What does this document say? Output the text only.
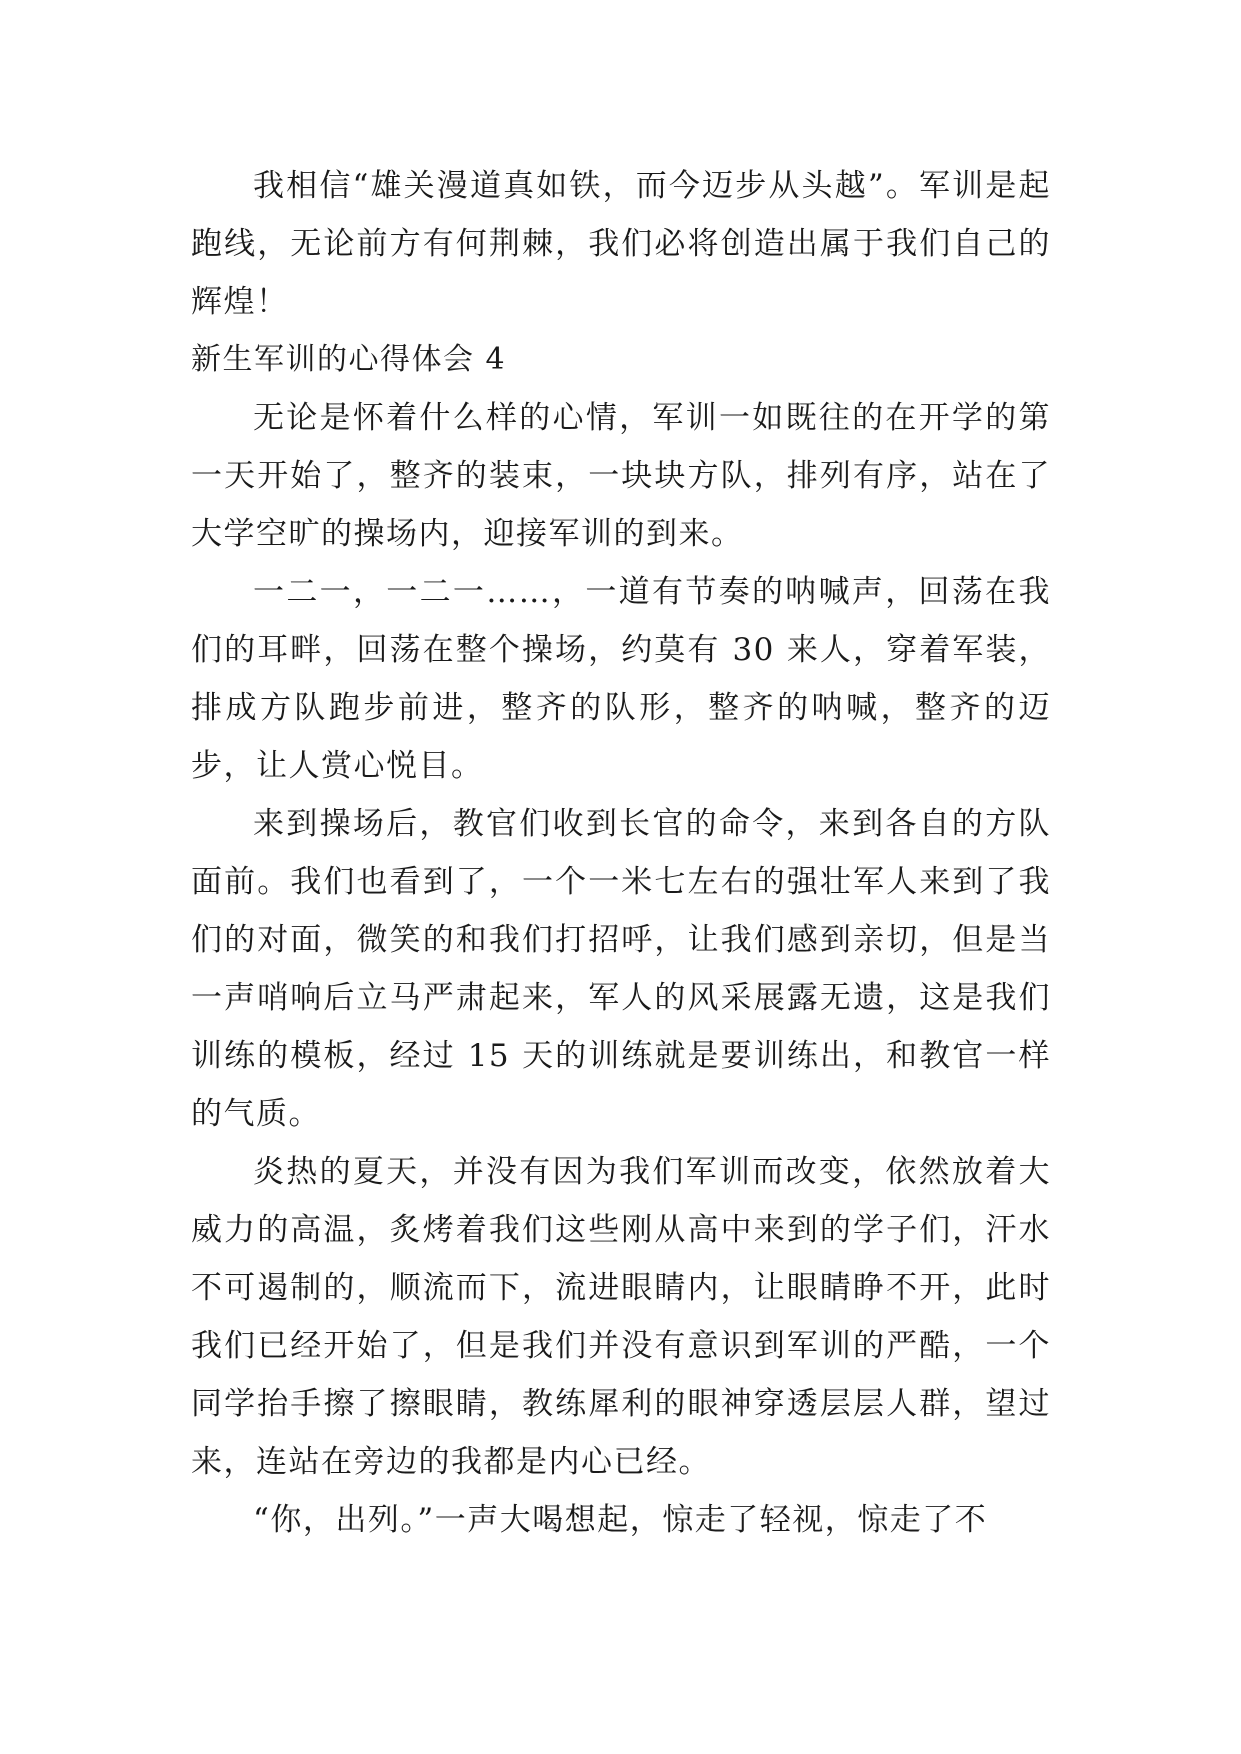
我相信“雄关漫道真如铁，而今迈步从头越”。军训是起跑线，无论前方有何荆棘，我们必将创造出属于我们自己的辉煌！

新生军训的心得体会 4

无论是怀着什么样的心情，军训一如既往的在开学的第一天开始了，整齐的装束，一块块方队，排列有序，站在了大学空旷的操场内，迎接军训的到来。

一二一，一二一……，一道有节奏的呐喊声，回荡在我们的耳畔，回荡在整个操场，约莫有 30 来人，穿着军装，排成方队跑步前进，整齐的队形，整齐的呐喊，整齐的迈步，让人赏心悦目。

来到操场后，教官们收到长官的命令，来到各自的方队面前。我们也看到了，一个一米七左右的强壮军人来到了我们的对面，微笑的和我们打招呼，让我们感到亲切，但是当一声哨响后立马严肃起来，军人的风采展露无遗，这是我们训练的模板，经过 15 天的训练就是要训练出，和教官一样的气质。

炎热的夏天，并没有因为我们军训而改变，依然放着大威力的高温，炙烤着我们这些刚从高中来到的学子们，汗水不可遏制的，顺流而下，流进眼睛内，让眼睛睁不开，此时我们已经开始了，但是我们并没有意识到军训的严酷，一个同学抬手擦了擦眼睛，教练犀利的眼神穿透层层人群，望过来，连站在旁边的我都是内心已经。

“你，出列。”一声大喝想起，惊走了轻视，惊走了不
